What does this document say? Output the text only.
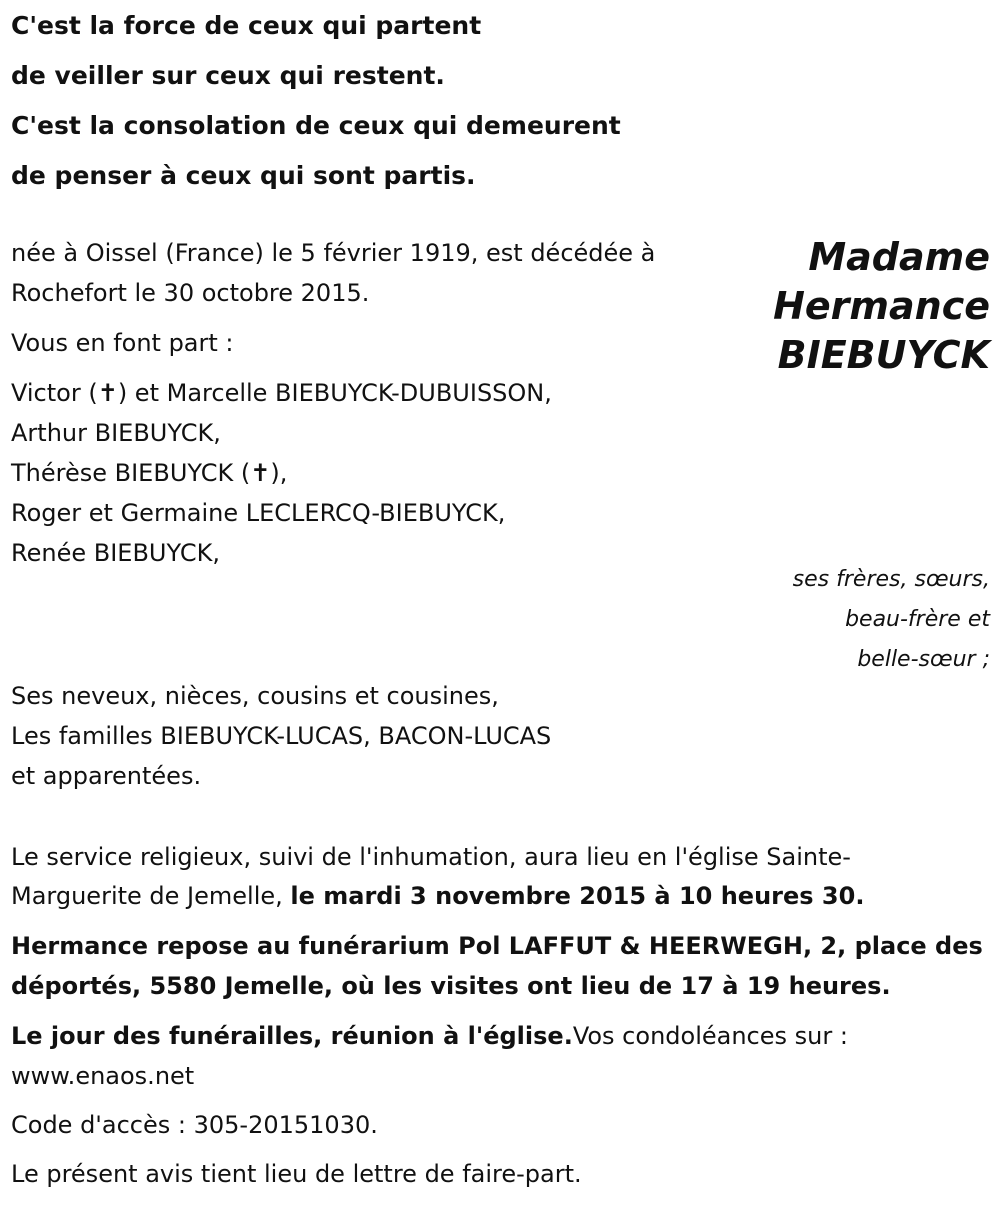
C'est la force de ceux qui partent
de veiller sur ceux qui restent.
C'est la consolation de ceux qui demeurent
de penser à ceux qui sont partis.
Madame
Hermance
BIEBUYCK
née à Oissel (France) le 5 février 1919, est décédée à
Rochefort le 30 octobre 2015.
Vous en font part :
Victor (✝) et Marcelle BIEBUYCK-DUBUISSON,
Arthur BIEBUYCK,
Thérèse BIEBUYCK (✝),
Roger et Germaine LECLERCQ-BIEBUYCK,
Renée BIEBUYCK,
ses frères, sœurs,
beau-frère et
belle-sœur ;
Ses neveux, nièces, cousins et cousines,
Les familles BIEBUYCK-LUCAS, BACON-LUCAS
et apparentées.
Le service religieux, suivi de l'inhumation, aura lieu en l'église Sainte-
Marguerite de Jemelle, le mardi 3 novembre 2015 à 10 heures 30.
Hermance repose au funérarium Pol LAFFUT & HEERWEGH, 2, place des
déportés, 5580 Jemelle, où les visites ont lieu de 17 à 19 heures.
Le jour des funérailles, réunion à l'église.Vos condoléances sur :
www.enaos.net
Code d'accès : 305-20151030.
Le présent avis tient lieu de lettre de faire-part.
